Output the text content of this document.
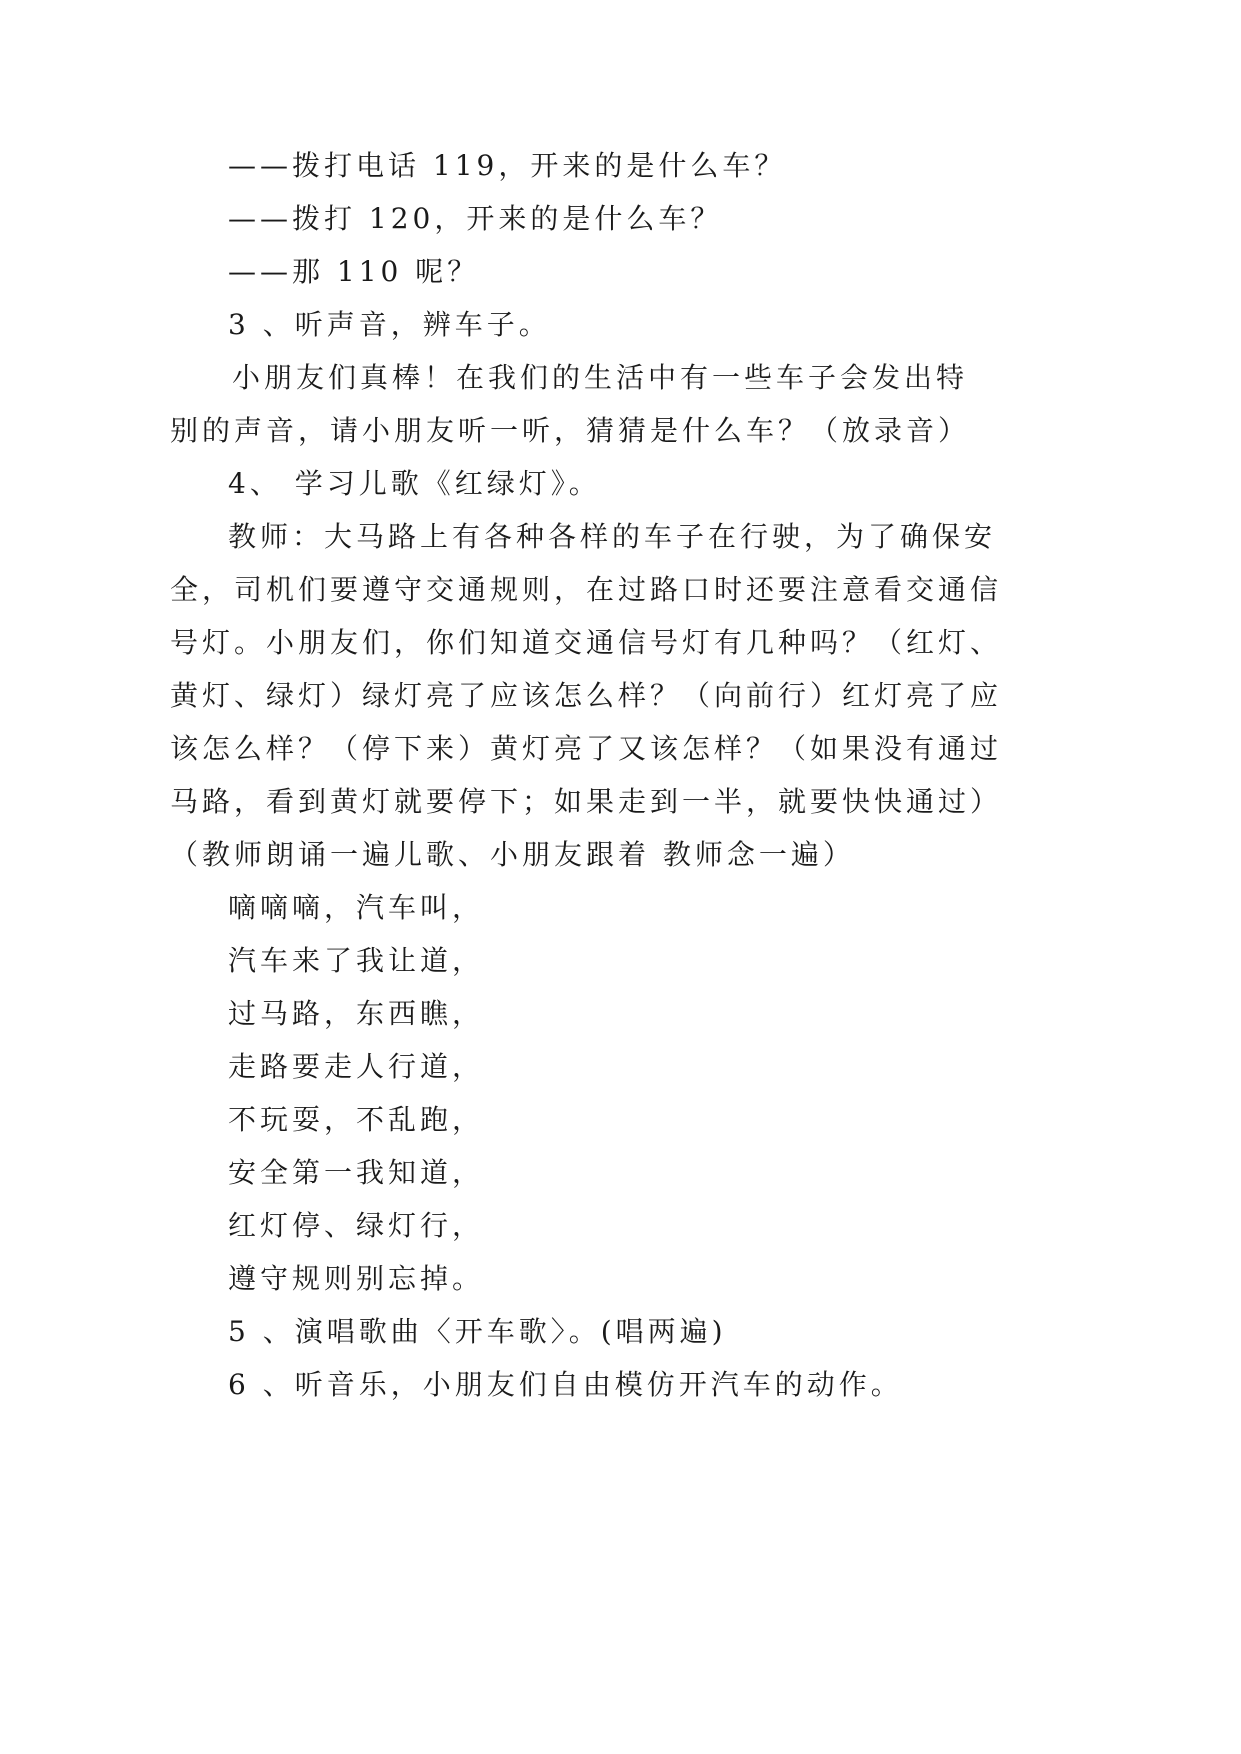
——拨打电话 119，开来的是什么车？
——拨打 120，开来的是什么车？
——那 110 呢？
3 、听声音，辨车子。
小朋友们真棒！在我们的生活中有一些车子会发出特
别的声音，请小朋友听一听，猜猜是什么车？（放录音）
4、 学习儿歌《红绿灯》。
教师：大马路上有各种各样的车子在行驶，为了确保安
全，司机们要遵守交通规则，在过路口时还要注意看交通信
号灯。小朋友们，你们知道交通信号灯有几种吗？（红灯、
黄灯、绿灯）绿灯亮了应该怎么样？（向前行）红灯亮了应
该怎么样？（停下来）黄灯亮了又该怎样？（如果没有通过
马路，看到黄灯就要停下；如果走到一半，就要快快通过）
（教师朗诵一遍儿歌、小朋友跟着 教师念一遍）
嘀嘀嘀，汽车叫，
汽车来了我让道，
过马路，东西瞧，
走路要走人行道，
不玩耍，不乱跑，
安全第一我知道，
红灯停、绿灯行，
遵守规则别忘掉。
5 、演唱歌曲〈开车歌〉。(唱两遍)
6 、听音乐，小朋友们自由模仿开汽车的动作。
